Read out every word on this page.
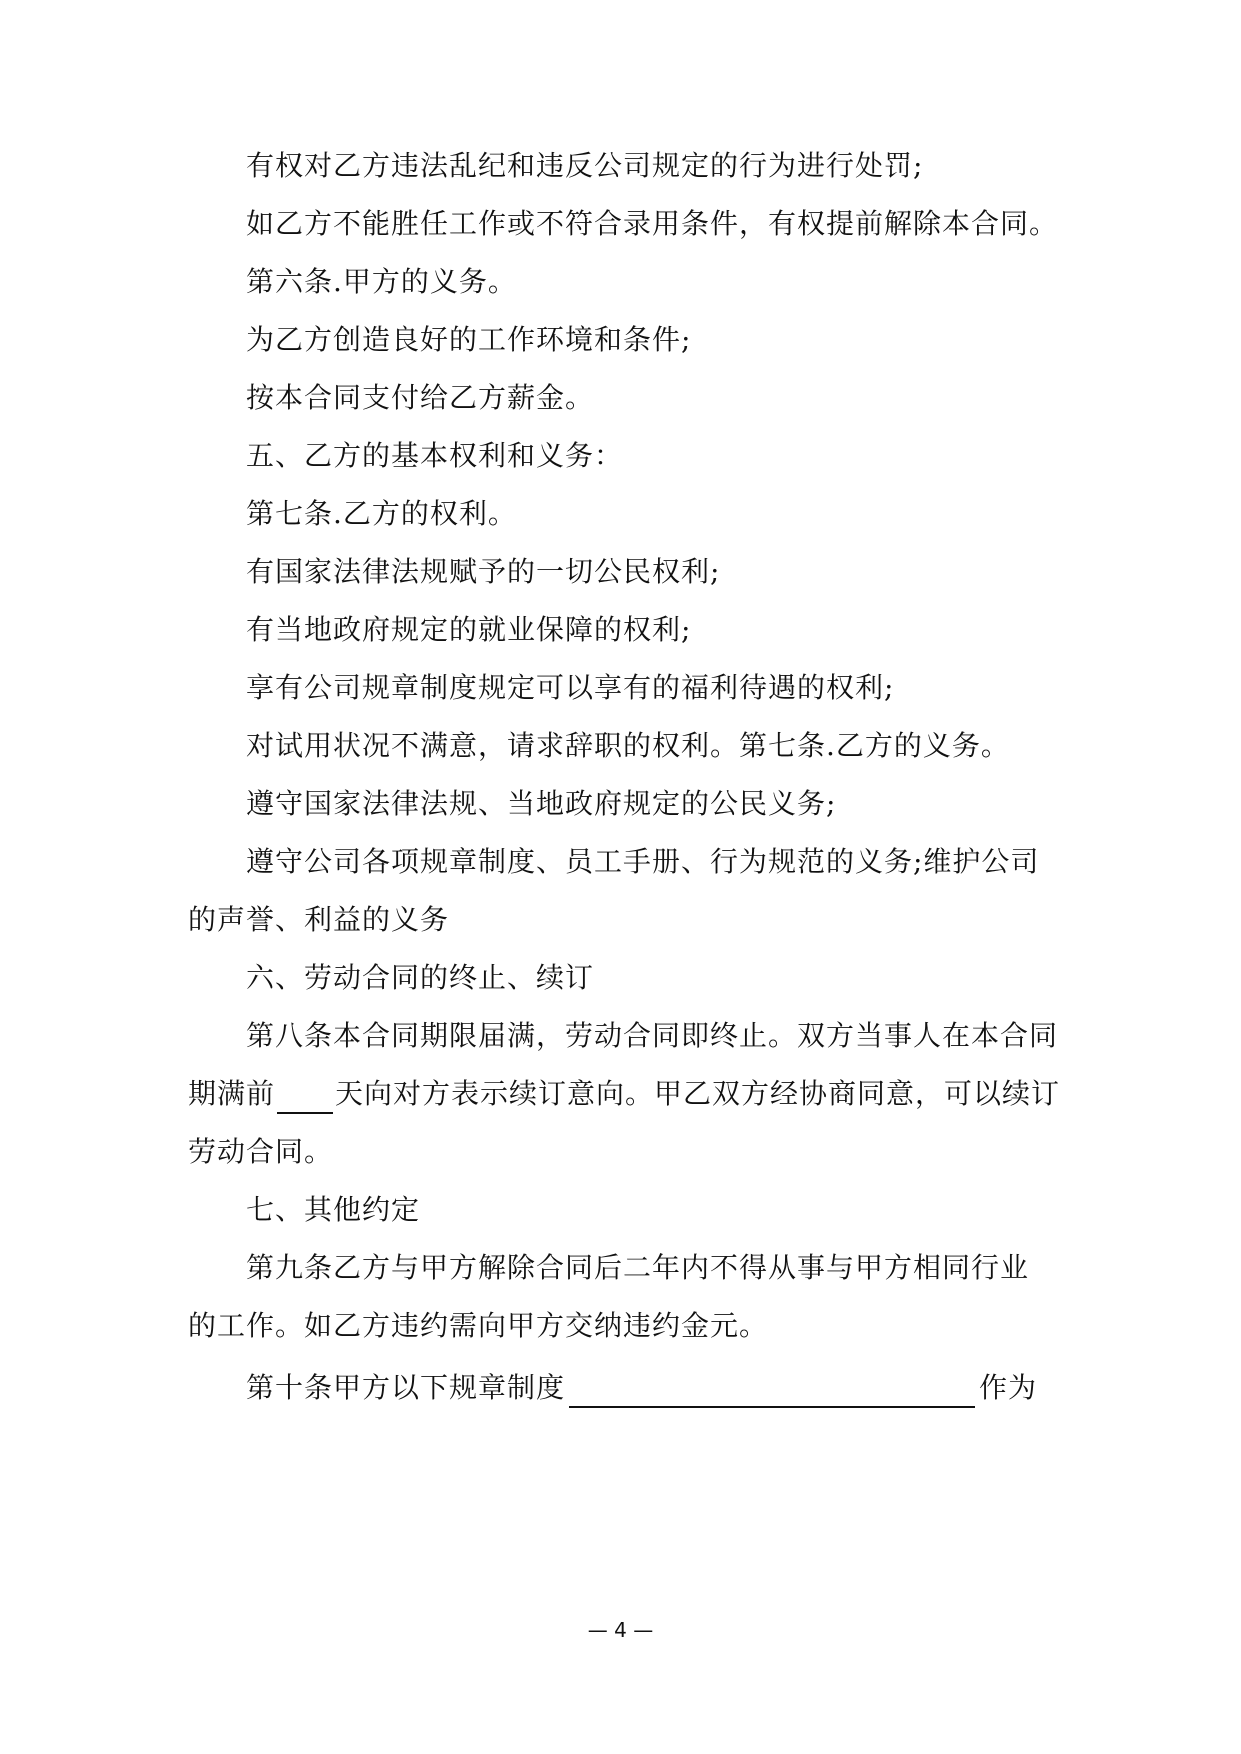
有权对乙方违法乱纪和违反公司规定的行为进行处罚;
如乙方不能胜任工作或不符合录用条件，有权提前解除本合同。
第六条.甲方的义务。
为乙方创造良好的工作环境和条件;
按本合同支付给乙方薪金。
五、乙方的基本权利和义务：
第七条.乙方的权利。
有国家法律法规赋予的一切公民权利;
有当地政府规定的就业保障的权利;
享有公司规章制度规定可以享有的福利待遇的权利;
对试用状况不满意，请求辞职的权利。第七条.乙方的义务。
遵守国家法律法规、当地政府规定的公民义务;
遵守公司各项规章制度、员工手册、行为规范的义务;维护公司
的声誉、利益的义务
六、劳动合同的终止、续订
第八条本合同期限届满，劳动合同即终止。双方当事人在本合同
期满前 天向对方表示续订意向。甲乙双方经协商同意，可以续订
劳动合同。
七、其他约定
第九条乙方与甲方解除合同后二年内不得从事与甲方相同行业
的工作。如乙方违约需向甲方交纳违约金元。
第十条甲方以下规章制度	作为
— 4 —
